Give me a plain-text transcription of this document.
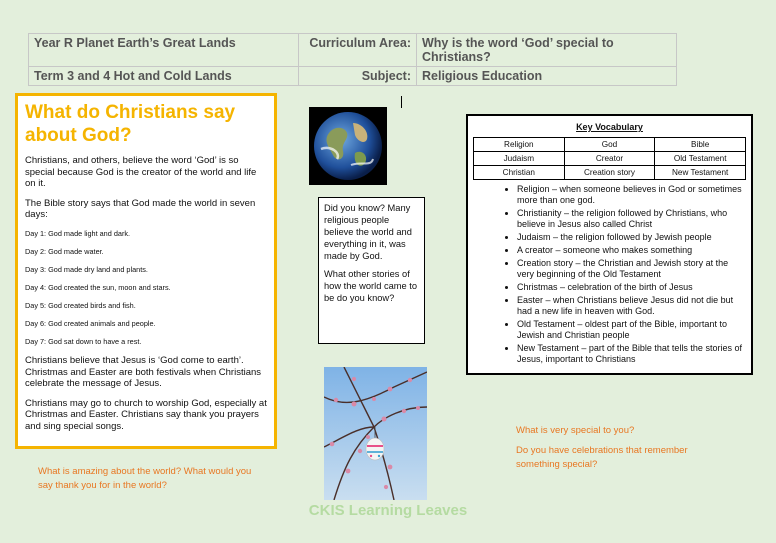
Year R Planet Earth’s Great Lands	Curriculum Area:	Why is the word ‘God’ special to Christians?
Term 3 and 4 Hot and Cold Lands	Subject:	Religious Education
What do Christians say about God?

Christians, and others, believe the word ‘God’ is so special because God is the creator of the world and life on it.

The Bible story says that God made the world in seven days:

Day 1: God made light and dark.

Day 2: God made water.

Day 3: God made dry land and plants.

Day 4: God created the sun, moon and stars.

Day 5: God created birds and fish.

Day 6: God created animals and people.

Day 7: God sat down to have a rest.

Christians believe that Jesus is ‘God come to earth’. Christmas and Easter are both festivals when Christians celebrate the message of Jesus.

Christians may go to church to worship God, especially at Christmas and Easter. Christians say thank you prayers and sing special songs.

Did you know? Many religious people believe the world and everything in it, was made by God.

What other stories of how the world came to be do you know?

Key Vocabulary
Religion	God	Bible
Judaism	Creator	Old Testament
Christian	Creation story	New Testament
• Religion – when someone believes in God or sometimes more than one god.
• Christianity – the religion followed by Christians, who believe in Jesus also called Christ
• Judaism – the religion followed by Jewish people
• A creator – someone who makes something
• Creation story – the Christian and Jewish story at the very beginning of the Old Testament
• Christmas – celebration of the birth of Jesus
• Easter – when Christians believe Jesus did not die but had a new life in heaven with God.
• Old Testament – oldest part of the Bible, important to Jewish and Christian people
• New Testament – part of the Bible that tells the stories of Jesus, important to Christians
What is amazing about the world? What would you say thank you for in the world?
What is very special to you?
Do you have celebrations that remember something special?
CKIS Learning Leaves
